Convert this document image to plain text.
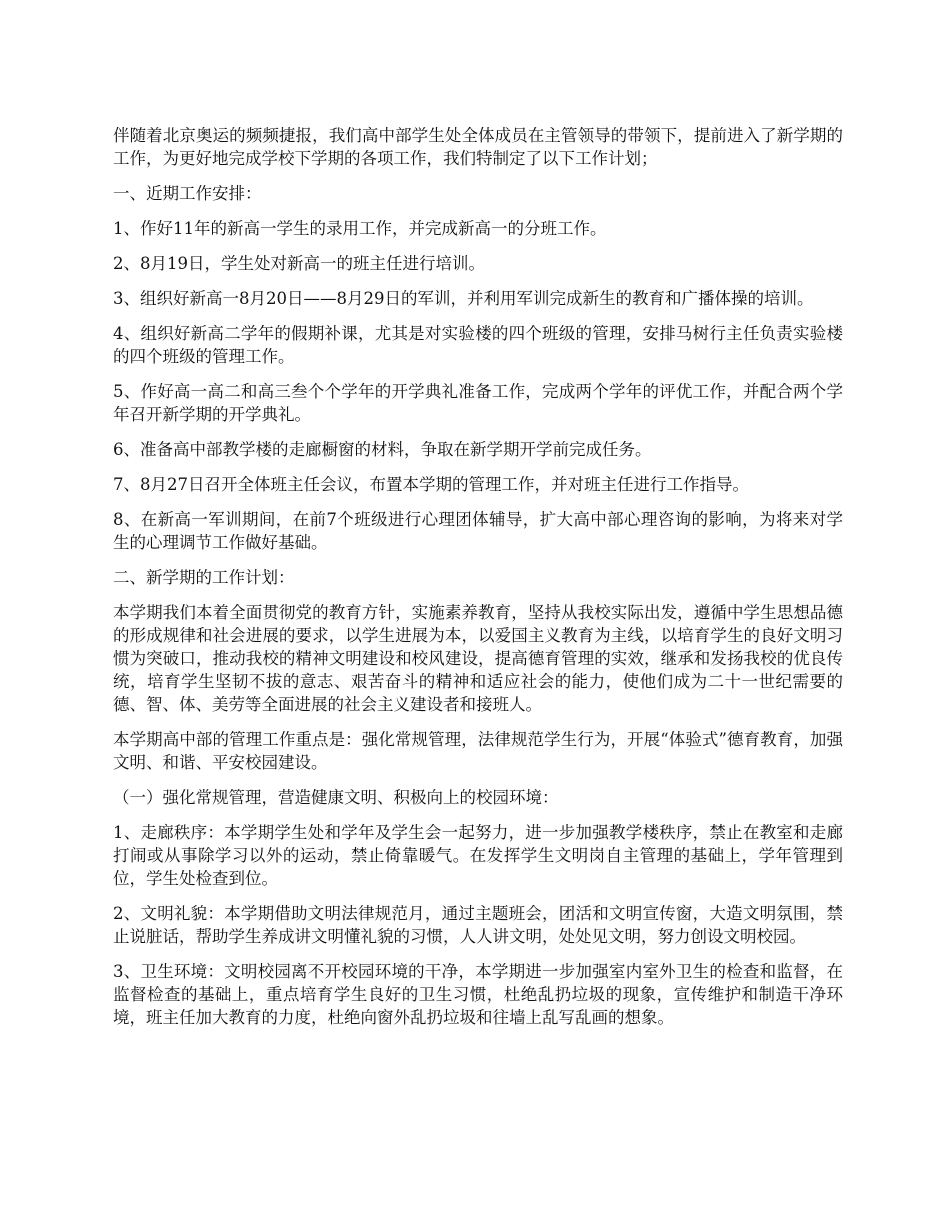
伴随着北京奥运的频频捷报，我们高中部学生处全体成员在主管领导的带领下，提前进入了新学期的工作，为更好地完成学校下学期的各项工作，我们特制定了以下工作计划；

一、近期工作安排：

1、作好11年的新高一学生的录用工作，并完成新高一的分班工作。

2、8月19日，学生处对新高一的班主任进行培训。

3、组织好新高一8月20日——8月29日的军训，并利用军训完成新生的教育和广播体操的培训。

4、组织好新高二学年的假期补课，尤其是对实验楼的四个班级的管理，安排马树行主任负责实验楼的四个班级的管理工作。

5、作好高一高二和高三叁个个学年的开学典礼准备工作，完成两个学年的评优工作，并配合两个学年召开新学期的开学典礼。

6、准备高中部教学楼的走廊橱窗的材料，争取在新学期开学前完成任务。

7、8月27日召开全体班主任会议，布置本学期的管理工作，并对班主任进行工作指导。

8、在新高一军训期间，在前7个班级进行心理团体辅导，扩大高中部心理咨询的影响，为将来对学生的心理调节工作做好基础。

二、新学期的工作计划：

本学期我们本着全面贯彻党的教育方针，实施素养教育，坚持从我校实际出发，遵循中学生思想品德的形成规律和社会进展的要求，以学生进展为本，以爱国主义教育为主线，以培育学生的良好文明习惯为突破口，推动我校的精神文明建设和校风建设，提高德育管理的实效，继承和发扬我校的优良传统，培育学生坚韧不拔的意志、艰苦奋斗的精神和适应社会的能力，使他们成为二十一世纪需要的德、智、体、美劳等全面进展的社会主义建设者和接班人。

本学期高中部的管理工作重点是：强化常规管理，法律规范学生行为，开展“体验式”德育教育，加强文明、和谐、平安校园建设。

（一）强化常规管理，营造健康文明、积极向上的校园环境：

1、走廊秩序：本学期学生处和学年及学生会一起努力，进一步加强教学楼秩序，禁止在教室和走廊打闹或从事除学习以外的运动，禁止倚靠暖气。在发挥学生文明岗自主管理的基础上，学年管理到位，学生处检查到位。

2、文明礼貌：本学期借助文明法律规范月，通过主题班会，团活和文明宣传窗，大造文明氛围，禁止说脏话，帮助学生养成讲文明懂礼貌的习惯，人人讲文明，处处见文明，努力创设文明校园。

3、卫生环境：文明校园离不开校园环境的干净，本学期进一步加强室内室外卫生的检查和监督，在监督检查的基础上，重点培育学生良好的卫生习惯，杜绝乱扔垃圾的现象，宣传维护和制造干净环境，班主任加大教育的力度，杜绝向窗外乱扔垃圾和往墙上乱写乱画的想象。
